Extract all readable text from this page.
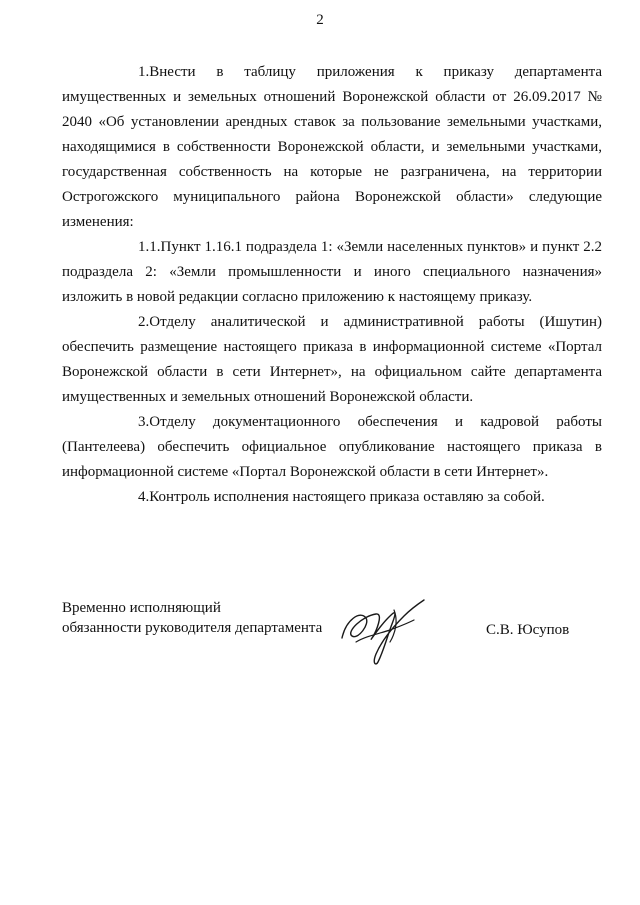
2

1.Внести в таблицу приложения к приказу департамента имущественных и земельных отношений Воронежской области от 26.09.2017 № 2040 «Об установлении арендных ставок за пользование земельными участками, находящимися в собственности Воронежской области, и земельными участками, государственная собственность на которые не разграничена, на территории Острогожского муниципального района Воронежской области» следующие изменения:

1.1.Пункт 1.16.1 подраздела 1: «Земли населенных пунктов» и пункт 2.2 подраздела 2: «Земли промышленности и иного специального назначения» изложить в новой редакции согласно приложению к настоящему приказу.

2.Отделу аналитической и административной работы (Ишутин) обеспечить размещение настоящего приказа в информационной системе «Портал Воронежской области в сети Интернет», на официальном сайте департамента имущественных и земельных отношений Воронежской области.

3.Отделу документационного обеспечения и кадровой работы (Пантелеева) обеспечить официальное опубликование настоящего приказа в информационной системе «Портал Воронежской области в сети Интернет».

4.Контроль исполнения настоящего приказа оставляю за собой.

Временно исполняющий
обязанности руководителя департамента	С.В. Юсупов
